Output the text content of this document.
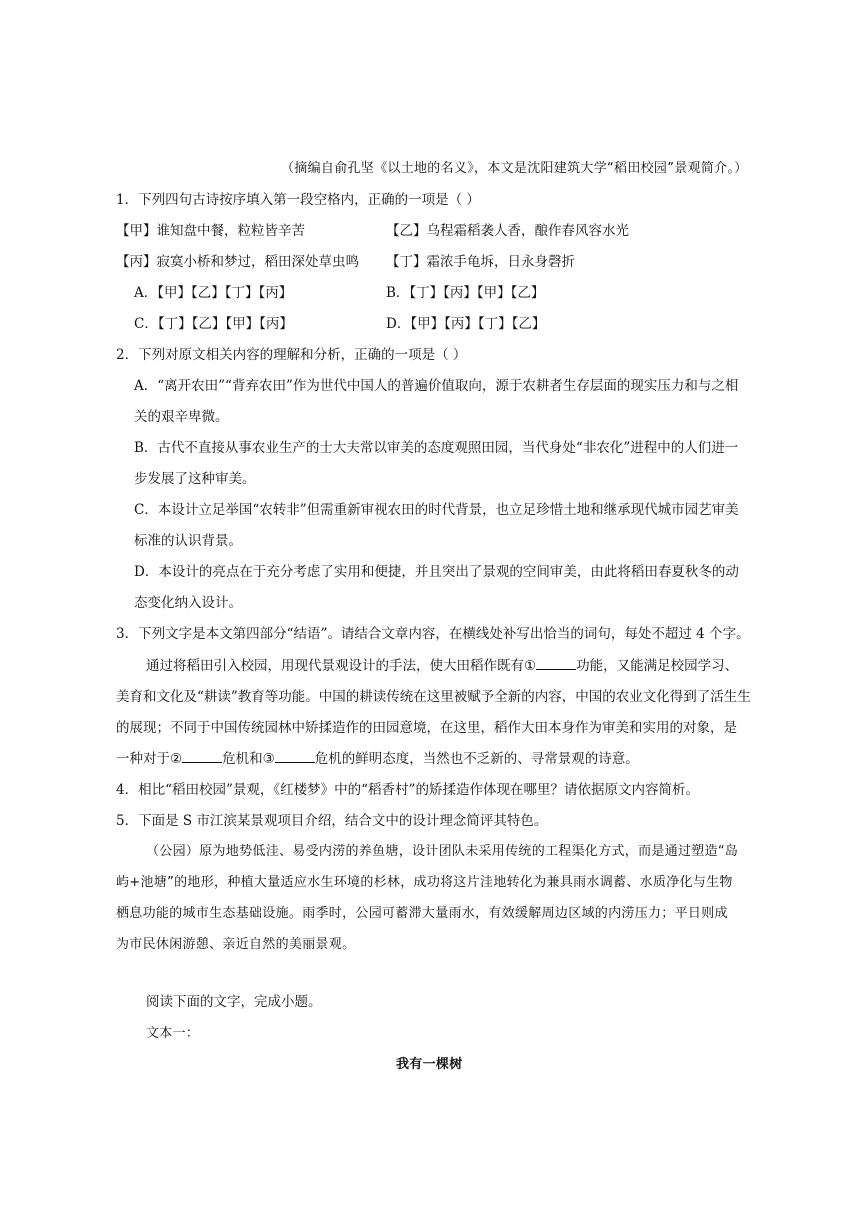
（摘编自俞孔坚《以土地的名义》，本文是沈阳建筑大学“稻田校园”景观简介。）
1．下列四句古诗按序填入第一段空格内，正确的一项是（ ）
【甲】谁知盘中餐，粒粒皆辛苦	【乙】乌程霜稻袭人香，酿作春风容水光
【丙】寂寞小桥和梦过，稻田深处草虫鸣 【丁】霜浓手龟坼，日永身磬折
A．【甲】【乙】【丁】【丙】	B．【丁】【丙】【甲】【乙】
C．【丁】【乙】【甲】【丙】	D．【甲】【丙】【丁】【乙】
2．下列对原文相关内容的理解和分析，正确的一项是（ ）
A．“离开农田”“背弃农田”作为世代中国人的普遍价值取向，源于农耕者生存层面的现实压力和与之相
关的艰辛卑微。
B．古代不直接从事农业生产的士大夫常以审美的态度观照田园，当代身处“非农化”进程中的人们进一
步发展了这种审美。
C．本设计立足举国“农转非”但需重新审视农田的时代背景，也立足珍惜土地和继承现代城市园艺审美
标准的认识背景。
D．本设计的亮点在于充分考虑了实用和便捷，并且突出了景观的空间审美，由此将稻田春夏秋冬的动
态变化纳入设计。
3．下列文字是本文第四部分“结语”。请结合文章内容，在横线处补写出恰当的词句，每处不超过 4 个字。
通过将稻田引入校园，用现代景观设计的手法，使大田稻作既有①	功能，又能满足校园学习、
美育和文化及“耕读”教育等功能。中国的耕读传统在这里被赋予全新的内容，中国的农业文化得到了活生生
的展现；不同于中国传统园林中矫揉造作的田园意境，在这里，稻作大田本身作为审美和实用的对象，是
一种对于②	危机和③	危机的鲜明态度，当然也不乏新的、寻常景观的诗意。
4．相比“稻田校园”景观，《红楼梦》中的“稻香村”的矫揉造作体现在哪里？请依据原文内容简析。
5．下面是 S 市江滨某景观项目介绍，结合文中的设计理念简评其特色。
（公园）原为地势低洼、易受内涝的养鱼塘，设计团队未采用传统的工程渠化方式，而是通过塑造“岛
屿+池塘”的地形，种植大量适应水生环境的杉林，成功将这片洼地转化为兼具雨水调蓄、水质净化与生物
栖息功能的城市生态基础设施。雨季时，公园可蓄滞大量雨水，有效缓解周边区域的内涝压力；平日则成
为市民休闲游憩、亲近自然的美丽景观。
阅读下面的文字，完成小题。
文本一：
我有一棵树
